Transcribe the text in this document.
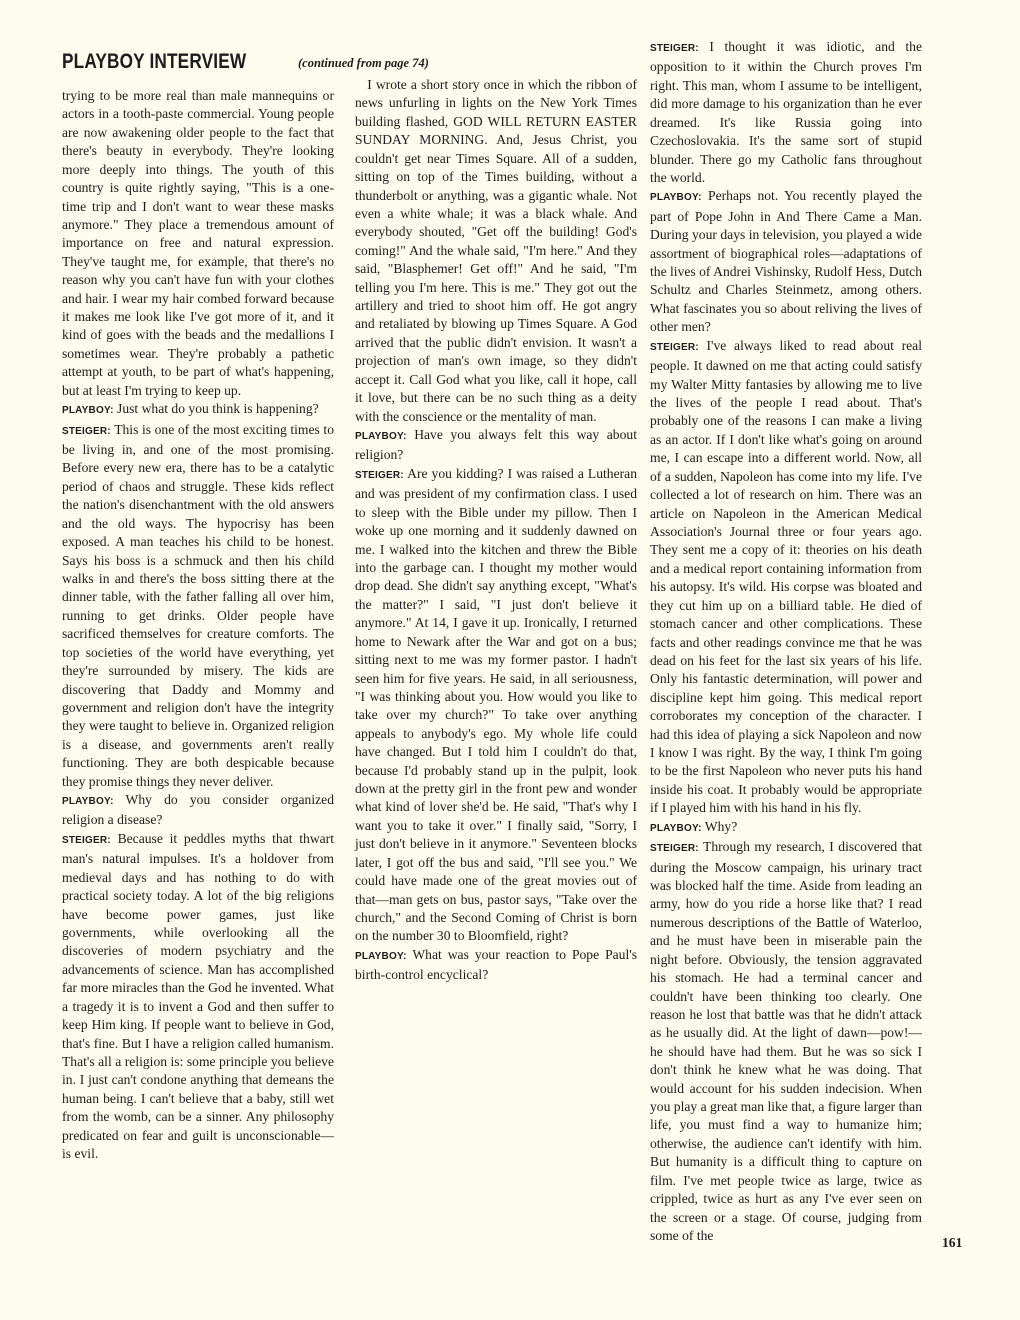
PLAYBOY INTERVIEW	(continued from page 74)

trying to be more real than male mannequins or actors in a tooth-paste commercial. Young people are now awakening older people to the fact that there's beauty in everybody. They're looking more deeply into things. The youth of this country is quite rightly saying, "This is a one-time trip and I don't want to wear these masks anymore." They place a tremendous amount of importance on free and natural expression. They've taught me, for example, that there's no reason why you can't have fun with your clothes and hair. I wear my hair combed forward because it makes me look like I've got more of it, and it kind of goes with the beads and the medallions I sometimes wear. They're probably a pathetic attempt at youth, to be part of what's happening, but at least I'm trying to keep up.

PLAYBOY: Just what do you think is happening?

STEIGER: This is one of the most exciting times to be living in, and one of the most promising. Before every new era, there has to be a catalytic period of chaos and struggle. These kids reflect the nation's disenchantment with the old answers and the old ways. The hypocrisy has been exposed. A man teaches his child to be honest. Says his boss is a schmuck and then his child walks in and there's the boss sitting there at the dinner table, with the father falling all over him, running to get drinks. Older people have sacrificed themselves for creature comforts. The top societies of the world have everything, yet they're surrounded by misery. The kids are discovering that Daddy and Mommy and government and religion don't have the integrity they were taught to believe in. Organized religion is a disease, and governments aren't really functioning. They are both despicable because they promise things they never deliver.

PLAYBOY: Why do you consider organized religion a disease?

STEIGER: Because it peddles myths that thwart man's natural impulses. It's a holdover from medieval days and has nothing to do with practical society today. A lot of the big religions have become power games, just like governments, while overlooking all the discoveries of modern psychiatry and the advancements of science. Man has accomplished far more miracles than the God he invented. What a tragedy it is to invent a God and then suffer to keep Him king. If people want to believe in God, that's fine. But I have a religion called humanism. That's all a religion is: some principle you believe in. I just can't condone anything that demeans the human being. I can't believe that a baby, still wet from the womb, can be a sinner. Any philosophy predicated on fear and guilt is unconscionable—is evil.

I wrote a short story once in which the ribbon of news unfurling in lights on the New York Times building flashed, GOD WILL RETURN EASTER SUNDAY MORNING. And, Jesus Christ, you couldn't get near Times Square. All of a sudden, sitting on top of the Times building, without a thunderbolt or anything, was a gigantic whale. Not even a white whale; it was a black whale. And everybody shouted, "Get off the building! God's coming!" And the whale said, "I'm here." And they said, "Blasphemer! Get off!" And he said, "I'm telling you I'm here. This is me." They got out the artillery and tried to shoot him off. He got angry and retaliated by blowing up Times Square. A God arrived that the public didn't envision. It wasn't a projection of man's own image, so they didn't accept it. Call God what you like, call it hope, call it love, but there can be no such thing as a deity with the conscience or the mentality of man.

PLAYBOY: Have you always felt this way about religion?

STEIGER: Are you kidding? I was raised a Lutheran and was president of my confirmation class. I used to sleep with the Bible under my pillow. Then I woke up one morning and it suddenly dawned on me. I walked into the kitchen and threw the Bible into the garbage can. I thought my mother would drop dead. She didn't say anything except, "What's the matter?" I said, "I just don't believe it anymore." At 14, I gave it up. Ironically, I returned home to Newark after the War and got on a bus; sitting next to me was my former pastor. I hadn't seen him for five years. He said, in all seriousness, "I was thinking about you. How would you like to take over my church?" To take over anything appeals to anybody's ego. My whole life could have changed. But I told him I couldn't do that, because I'd probably stand up in the pulpit, look down at the pretty girl in the front pew and wonder what kind of lover she'd be. He said, "That's why I want you to take it over." I finally said, "Sorry, I just don't believe in it anymore." Seventeen blocks later, I got off the bus and said, "I'll see you." We could have made one of the great movies out of that—man gets on bus, pastor says, "Take over the church," and the Second Coming of Christ is born on the number 30 to Bloomfield, right?

PLAYBOY: What was your reaction to Pope Paul's birth-control encyclical?

STEIGER: I thought it was idiotic, and the opposition to it within the Church proves I'm right. This man, whom I assume to be intelligent, did more damage to his organization than he ever dreamed. It's like Russia going into Czechoslovakia. It's the same sort of stupid blunder. There go my Catholic fans throughout the world.

PLAYBOY: Perhaps not. You recently played the part of Pope John in And There Came a Man. During your days in television, you played a wide assortment of biographical roles—adaptations of the lives of Andrei Vishinsky, Rudolf Hess, Dutch Schultz and Charles Steinmetz, among others. What fascinates you so about reliving the lives of other men?

STEIGER: I've always liked to read about real people. It dawned on me that acting could satisfy my Walter Mitty fantasies by allowing me to live the lives of the people I read about. That's probably one of the reasons I can make a living as an actor. If I don't like what's going on around me, I can escape into a different world. Now, all of a sudden, Napoleon has come into my life. I've collected a lot of research on him. There was an article on Napoleon in the American Medical Association's Journal three or four years ago. They sent me a copy of it: theories on his death and a medical report containing information from his autopsy. It's wild. His corpse was bloated and they cut him up on a billiard table. He died of stomach cancer and other complications. These facts and other readings convince me that he was dead on his feet for the last six years of his life. Only his fantastic determination, will power and discipline kept him going. This medical report corroborates my conception of the character. I had this idea of playing a sick Napoleon and now I know I was right. By the way, I think I'm going to be the first Napoleon who never puts his hand inside his coat. It probably would be appropriate if I played him with his hand in his fly.

PLAYBOY: Why?

STEIGER: Through my research, I discovered that during the Moscow campaign, his urinary tract was blocked half the time. Aside from leading an army, how do you ride a horse like that? I read numerous descriptions of the Battle of Waterloo, and he must have been in miserable pain the night before. Obviously, the tension aggravated his stomach. He had a terminal cancer and couldn't have been thinking too clearly. One reason he lost that battle was that he didn't attack as he usually did. At the light of dawn—pow!—he should have had them. But he was so sick I don't think he knew what he was doing. That would account for his sudden indecision. When you play a great man like that, a figure larger than life, you must find a way to humanize him; otherwise, the audience can't identify with him. But humanity is a difficult thing to capture on film. I've met people twice as large, twice as crippled, twice as hurt as any I've ever seen on the screen or a stage. Of course, judging from some of the	161
